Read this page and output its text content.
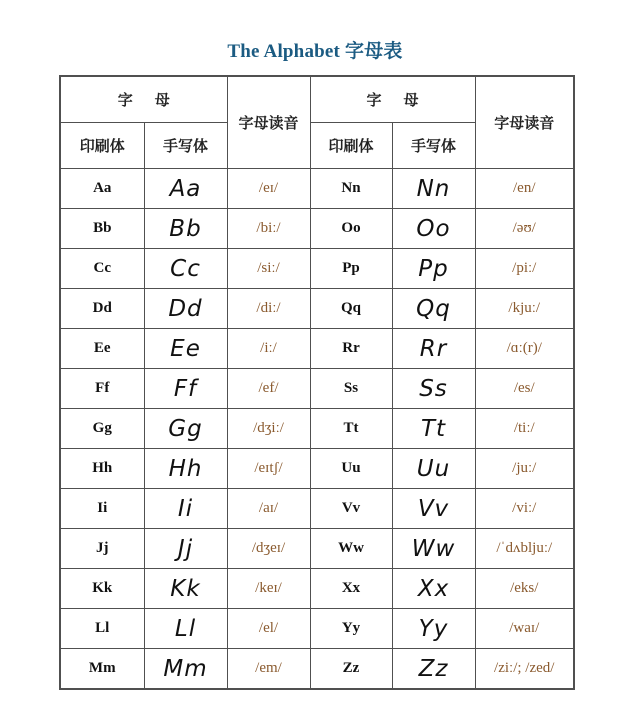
The Alphabet 字母表
字 母		字母读音	字 母		字母读音
印刷体	手写体		印刷体	手写体	
Aa	Aa	/eɪ/	Nn	Nn	/en/
Bb	Bb	/biː/	Oo	Oo	/əʊ/
Cc	Cc	/siː/	Pp	Pp	/piː/
Dd	Dd	/diː/	Qq	Qq	/kjuː/
Ee	Ee	/iː/	Rr	Rr	/ɑː(r)/
Ff	Ff	/ef/	Ss	Ss	/es/
Gg	Gg	/dʒiː/	Tt	Tt	/tiː/
Hh	Hh	/eɪtʃ/	Uu	Uu	/juː/
Ii	Ii	/aɪ/	Vv	Vv	/viː/
Jj	Jj	/dʒeɪ/	Ww	Ww	/ˈdʌbljuː/
Kk	Kk	/keɪ/	Xx	Xx	/eks/
Ll	Ll	/el/	Yy	Yy	/waɪ/
Mm	Mm	/em/	Zz	Zz	/ziː/; /zed/
